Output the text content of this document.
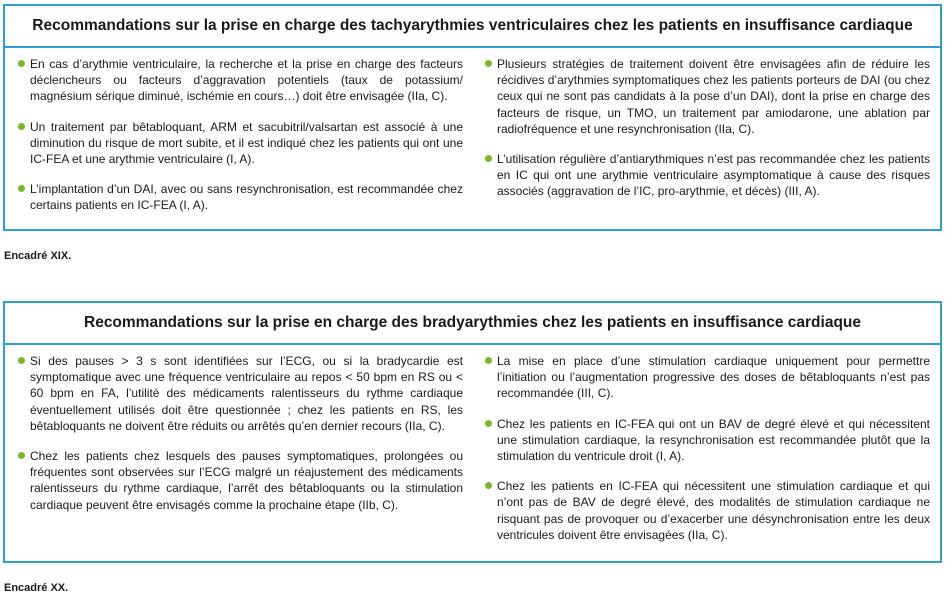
Recommandations sur la prise en charge des tachyarythmies ventriculaires chez les patients en insuffisance cardiaque
En cas d’arythmie ventriculaire, la recherche et la prise en charge des facteurs déclencheurs ou facteurs d’aggravation potentiels (taux de potassium/ magnésium sérique diminué, ischémie en cours…) doit être envisagée (IIa, C).
Un traitement par bêtabloquant, ARM et sacubitril/valsartan est associé à une diminution du risque de mort subite, et il est indiqué chez les patients qui ont une IC-FEA et une arythmie ventriculaire (I, A).
L’implantation d’un DAI, avec ou sans resynchronisation, est recommandée chez certains patients en IC-FEA (I, A).
Plusieurs stratégies de traitement doivent être envisagées afin de réduire les récidives d’arythmies symptomatiques chez les patients porteurs de DAI (ou chez ceux qui ne sont pas candidats à la pose d’un DAI), dont la prise en charge des facteurs de risque, un TMO, un traitement par amiodarone, une ablation par radiofréquence et une resynchronisation (IIa, C).
L’utilisation régulière d’antiarythmiques n’est pas recommandée chez les patients en IC qui ont une arythmie ventriculaire asymptomatique à cause des risques associés (aggravation de l’IC, pro-arythmie, et décès) (III, A).
Encadré XIX.
Recommandations sur la prise en charge des bradyarythmies chez les patients en insuffisance cardiaque
Si des pauses > 3 s sont identifiées sur l’ECG, ou si la bradycardie est symptomatique avec une fréquence ventriculaire au repos < 50 bpm en RS ou < 60 bpm en FA, l’utilité des médicaments ralentisseurs du rythme cardiaque éventuellement utilisés doit être questionnée ; chez les patients en RS, les bêtabloquants ne doivent être réduits ou arrêtés qu’en dernier recours (IIa, C).
Chez les patients chez lesquels des pauses symptomatiques, prolongées ou fréquentes sont observées sur l’ECG malgré un réajustement des médicaments ralentisseurs du rythme cardiaque, l’arrêt des bêtabloquants ou la stimulation cardiaque peuvent être envisagés comme la prochaine étape (IIb, C).
La mise en place d’une stimulation cardiaque uniquement pour permettre l’initiation ou l’augmentation progressive des doses de bêtabloquants n’est pas recommandée (III, C).
Chez les patients en IC-FEA qui ont un BAV de degré élevé et qui nécessitent une stimulation cardiaque, la resynchronisation est recommandée plutôt que la stimulation du ventricule droit (I, A).
Chez les patients en IC-FEA qui nécessitent une stimulation cardiaque et qui n’ont pas de BAV de degré élevé, des modalités de stimulation cardiaque ne risquant pas de provoquer ou d’exacerber une désynchronisation entre les deux ventricules doivent être envisagées (IIa, C).
Encadré XX.
